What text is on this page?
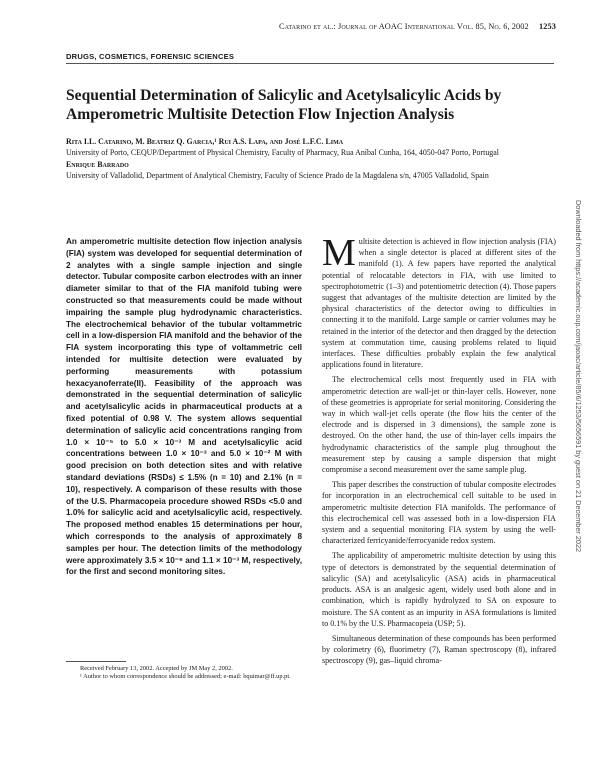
Catarino et al.: Journal of AOAC International Vol. 85, No. 6, 2002 1253
DRUGS, COSMETICS, FORENSIC SCIENCES
Sequential Determination of Salicylic and Acetylsalicylic Acids by Amperometric Multisite Detection Flow Injection Analysis

Rita I.L. Catarino, M. Beatriz Q. Garcia,¹ Rui A.S. Lapa, and José L.F.C. Lima

University of Porto, CEQUP/Department of Physical Chemistry, Faculty of Pharmacy, Rua Aníbal Cunha, 164, 4050-047 Porto, Portugal

Enrique Barrado

University of Valladolid, Department of Analytical Chemistry, Faculty of Science Prado de la Magdalena s/n, 47005 Valladolid, Spain

An amperometric multisite detection flow injection analysis (FIA) system was developed for sequential determination of 2 analytes with a single sample injection and single detector. Tubular composite carbon electrodes with an inner diameter similar to that of the FIA manifold tubing were constructed so that measurements could be made without impairing the sample plug hydrodynamic characteristics. The electrochemical behavior of the tubular voltammetric cell in a low-dispersion FIA manifold and the behavior of the FIA system incorporating this type of voltammetric cell intended for multisite detection were evaluated by performing measurements with potassium hexacyanoferrate(II). Feasibility of the approach was demonstrated in the sequential determination of salicylic and acetylsalicylic acids in pharmaceutical products at a fixed potential of 0.98 V. The system allows sequential determination of salicylic acid concentrations ranging from 1.0 × 10⁻⁵ to 5.0 × 10⁻³ M and acetylsalicylic acid concentrations between 1.0 × 10⁻³ and 5.0 × 10⁻² M with good precision on both detection sites and with relative standard deviations (RSDs) ≤ 1.5% (n = 10) and 2.1% (n = 10), respectively. A comparison of these results with those of the U.S. Pharmacopeia procedure showed RSDs <5.0 and 1.0% for salicylic acid and acetylsalicylic acid, respectively. The proposed method enables 15 determinations per hour, which corresponds to the analysis of approximately 8 samples per hour. The detection limits of the methodology were approximately 3.5 × 10⁻⁶ and 1.1 × 10⁻³ M, respectively, for the first and second monitoring sites.

Received February 13, 2002. Accepted by JM May 2, 2002.

¹ Author to whom correspondence should be addressed; e-mail: bquimar@ff.up.pt.

Multisite detection is achieved in flow injection analysis (FIA) when a single detector is placed at different sites of the manifold (1). A few papers have reported the analytical potential of relocatable detectors in FIA, with use limited to spectrophotometric (1–3) and potentiometric detection (4). Those papers suggest that advantages of the multisite detection are limited by the physical characteristics of the detector owing to difficulties in connecting it to the manifold. Large sample or carrier volumes may be retained in the interior of the detector and then dragged by the detection system at commutation time, causing problems related to liquid interfaces. These difficulties probably explain the few analytical applications found in literature.

The electrochemical cells most frequently used in FIA with amperometric detection are wall-jet or thin-layer cells. However, none of these geometries is appropriate for serial monitoring. Considering the way in which wall-jet cells operate (the flow hits the center of the electrode and is dispersed in 3 dimensions), the sample zone is destroyed. On the other hand, the use of thin-layer cells impairs the hydrodynamic characteristics of the sample plug throughout the measurement step by causing a sample dispersion that might compromise a second measurement over the same sample plug.

This paper describes the construction of tubular composite electrodes for incorporation in an electrochemical cell suitable to be used in amperometric multisite detection FIA manifolds. The performance of this electrochemical cell was assessed both in a low-dispersion FIA system and a sequential monitoring FIA system by using the well-characterized ferricyanide/ferrocyanide redox system.

The applicability of amperometric multisite detection by using this type of detectors is demonstrated by the sequential determination of salicylic (SA) and acetylsalicylic (ASA) acids in pharmaceutical products. ASA is an analgesic agent, widely used both alone and in combination, which is rapidly hydrolyzed to SA on exposure to moisture. The SA content as an impurity in ASA formulations is limited to 0.1% by the U.S. Pharmacopeia (USP; 5).

Simultaneous determination of these compounds has been performed by colorimetry (6), fluorimetry (7), Raman spectroscopy (8), infrared spectroscopy (9), gas–liquid chroma-

Downloaded from https://academic.oup.com/jaoac/article/85/6/1253/5656591 by guest on 21 December 2022
